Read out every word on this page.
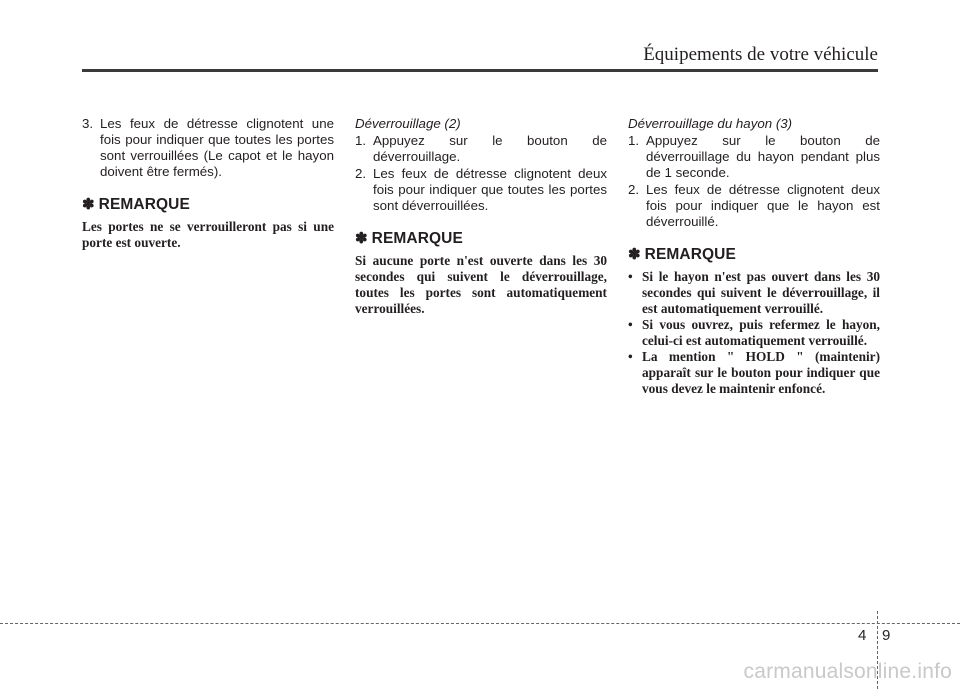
Équipements de votre véhicule
3. Les feux de détresse clignotent une fois pour indiquer que toutes les portes sont verrouillées (Le capot et le hayon doivent être fermés).
✽ REMARQUE
Les portes ne se verrouilleront pas si une porte est ouverte.
Déverrouillage (2)
1. Appuyez sur le bouton de déverrouillage.
2. Les feux de détresse clignotent deux fois pour indiquer que toutes les portes sont déverrouillées.
✽ REMARQUE
Si aucune porte n'est ouverte dans les 30 secondes qui suivent le déverrouillage, toutes les portes sont automatiquement verrouillées.
Déverrouillage du hayon (3)
1. Appuyez sur le bouton de déverrouillage du hayon pendant plus de 1 seconde.
2. Les feux de détresse clignotent deux fois pour indiquer que le hayon est déverrouillé.
✽ REMARQUE
• Si le hayon n'est pas ouvert dans les 30 secondes qui suivent le déverrouillage, il est automatiquement verrouillé.
• Si vous ouvrez, puis refermez le hayon, celui-ci est automatiquement verrouillé.
• La mention " HOLD " (maintenir) apparaît sur le bouton pour indiquer que vous devez le maintenir enfoncé.
4 9
carmanualsonline.info
